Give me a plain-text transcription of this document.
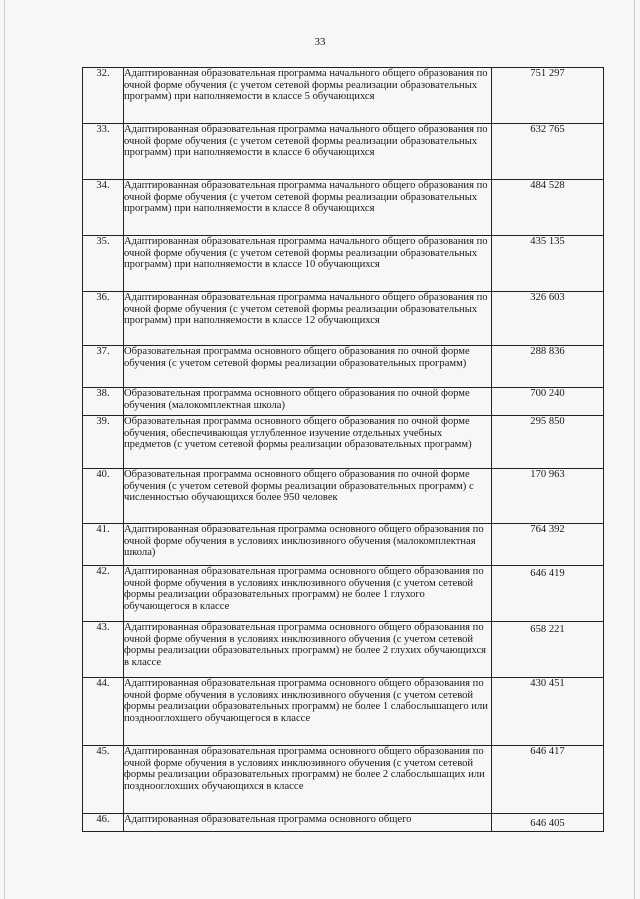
33
32.	Адаптированная образовательная программа начального общего образования по очной форме обучения (с учетом сетевой формы реализации образовательных программ) при наполняемости в классе 5 обучающихся	751 297
33.	Адаптированная образовательная программа начального общего образования по очной форме обучения (с учетом сетевой формы реализации образовательных программ) при наполняемости в классе 6 обучающихся	632 765
34.	Адаптированная образовательная программа начального общего образования по очной форме обучения (с учетом сетевой формы реализации образовательных программ) при наполняемости в классе 8 обучающихся	484 528
35.	Адаптированная образовательная программа начального общего образования по очной форме обучения (с учетом сетевой формы реализации образовательных программ) при наполняемости в классе 10 обучающихся	435 135
36.	Адаптированная образовательная программа начального общего образования по очной форме обучения (с учетом сетевой формы реализации образовательных программ) при наполняемости в классе 12 обучающихся	326 603
37.	Образовательная программа основного общего образования по очной форме обучения (с учетом сетевой формы реализации образовательных программ)	288 836
38.	Образовательная программа основного общего образования по очной форме обучения (малокомплектная школа)	700 240
39.	Образовательная программа основного общего образования по очной форме обучения, обеспечивающая углубленное изучение отдельных учебных предметов (с учетом сетевой формы реализации образовательных программ)	295 850
40.	Образовательная программа основного общего образования по очной форме обучения (с учетом сетевой формы реализации образовательных программ) с численностью обучающихся более 950 человек	170 963
41.	Адаптированная образовательная программа основного общего образования по очной форме обучения в условиях инклюзивного обучения (малокомплектная школа)	764 392
42.	Адаптированная образовательная программа основного общего образования по очной форме обучения в условиях инклюзивного обучения (с учетом сетевой формы реализации образовательных программ) не более 1 глухого обучающегося в классе	646 419
43.	Адаптированная образовательная программа основного общего образования по очной форме обучения в условиях инклюзивного обучения (с учетом сетевой формы реализации образовательных программ) не более 2 глухих обучающихся в классе	658 221
44.	Адаптированная образовательная программа основного общего образования по очной форме обучения в условиях инклюзивного обучения (с учетом сетевой формы реализации образовательных программ) не более 1 слабослышащего или позднооглохшего обучающегося в классе	430 451
45.	Адаптированная образовательная программа основного общего образования по очной форме обучения в условиях инклюзивного обучения (с учетом сетевой формы реализации образовательных программ) не более 2 слабослышащих или позднооглохших обучающихся в классе	646 417
46.	Адаптированная образовательная программа основного общего	646 405
